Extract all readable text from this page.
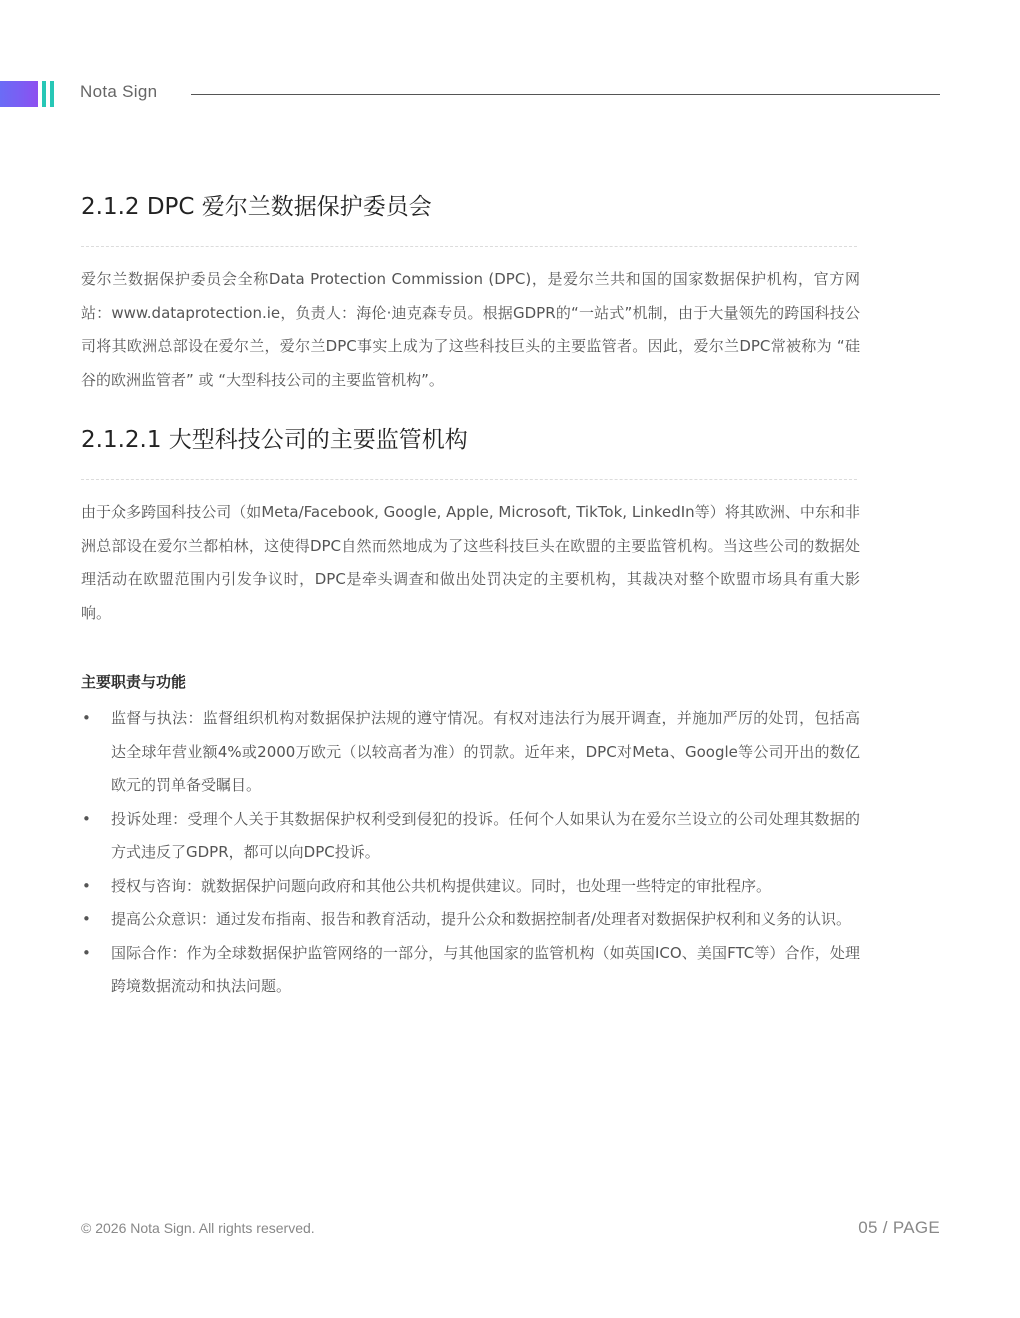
Nota Sign
2.1.2 DPC 爱尔兰数据保护委员会

爱尔兰数据保护委员会全称Data Protection Commission (DPC)，是爱尔兰共和国的国家数据保护机构，官方网站：www.dataprotection.ie，负责人：海伦·迪克森专员。根据GDPR的“一站式”机制，由于大量领先的跨国科技公司将其欧洲总部设在爱尔兰，爱尔兰DPC事实上成为了这些科技巨头的主要监管者。因此，爱尔兰DPC常被称为 “硅谷的欧洲监管者” 或 “大型科技公司的主要监管机构”。

2.1.2.1 大型科技公司的主要监管机构

由于众多跨国科技公司（如Meta/Facebook, Google, Apple, Microsoft, TikTok, LinkedIn等）将其欧洲、中东和非洲总部设在爱尔兰都柏林，这使得DPC自然而然地成为了这些科技巨头在欧盟的主要监管机构。当这些公司的数据处理活动在欧盟范围内引发争议时，DPC是牵头调查和做出处罚决定的主要机构，其裁决对整个欧盟市场具有重大影响。

主要职责与功能
• 监督与执法：监督组织机构对数据保护法规的遵守情况。有权对违法行为展开调查，并施加严厉的处罚，包括高达全球年营业额4%或2000万欧元（以较高者为准）的罚款。近年来，DPC对Meta、Google等公司开出的数亿欧元的罚单备受瞩目。
• 投诉处理：受理个人关于其数据保护权利受到侵犯的投诉。任何个人如果认为在爱尔兰设立的公司处理其数据的方式违反了GDPR，都可以向DPC投诉。
• 授权与咨询：就数据保护问题向政府和其他公共机构提供建议。同时，也处理一些特定的审批程序。
• 提高公众意识：通过发布指南、报告和教育活动，提升公众和数据控制者/处理者对数据保护权利和义务的认识。
• 国际合作：作为全球数据保护监管网络的一部分，与其他国家的监管机构（如英国ICO、美国FTC等）合作，处理跨境数据流动和执法问题。
© 2026 Nota Sign. All rights reserved.	05 / PAGE
